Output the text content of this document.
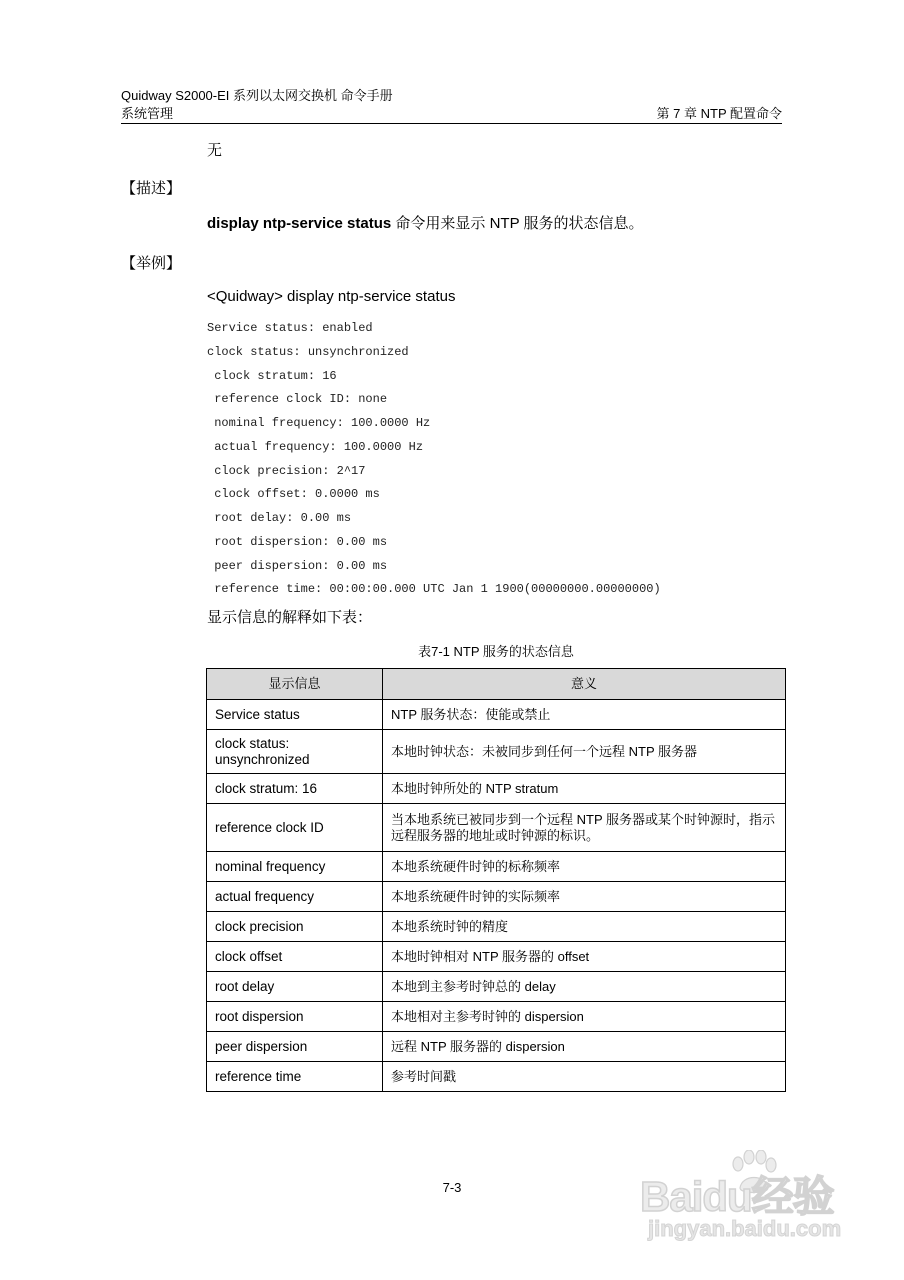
Quidway S2000-EI 系列以太网交换机 命令手册
系统管理	第 7 章 NTP 配置命令
无
【描述】
display ntp-service status 命令用来显示 NTP 服务的状态信息。
【举例】
<Quidway> display ntp-service status
Service status: enabled
clock status: unsynchronized
clock stratum: 16
reference clock ID: none
nominal frequency: 100.0000 Hz
actual frequency: 100.0000 Hz
clock precision: 2^17
clock offset: 0.0000 ms
root delay: 0.00 ms
root dispersion: 0.00 ms
peer dispersion: 0.00 ms
reference time: 00:00:00.000 UTC Jan 1 1900(00000000.00000000)
显示信息的解释如下表：
表7-1 NTP 服务的状态信息
显示信息	意义
Service status	NTP 服务状态：使能或禁止
clock status:
unsynchronized	本地时钟状态：未被同步到任何一个远程 NTP 服务器
clock stratum: 16	本地时钟所处的 NTP stratum
reference clock ID	当本地系统已被同步到一个远程 NTP 服务器或某个时钟源时，指示远程服务器的地址或时钟源的标识。
nominal frequency	本地系统硬件时钟的标称频率
actual frequency	本地系统硬件时钟的实际频率
clock precision	本地系统时钟的精度
clock offset	本地时钟相对 NTP 服务器的 offset
root delay	本地到主参考时钟总的 delay
root dispersion	本地相对主参考时钟的 dispersion
peer dispersion	远程 NTP 服务器的 dispersion
reference time	参考时间戳
7-3	Baidu经验
jingyan.baidu.com
